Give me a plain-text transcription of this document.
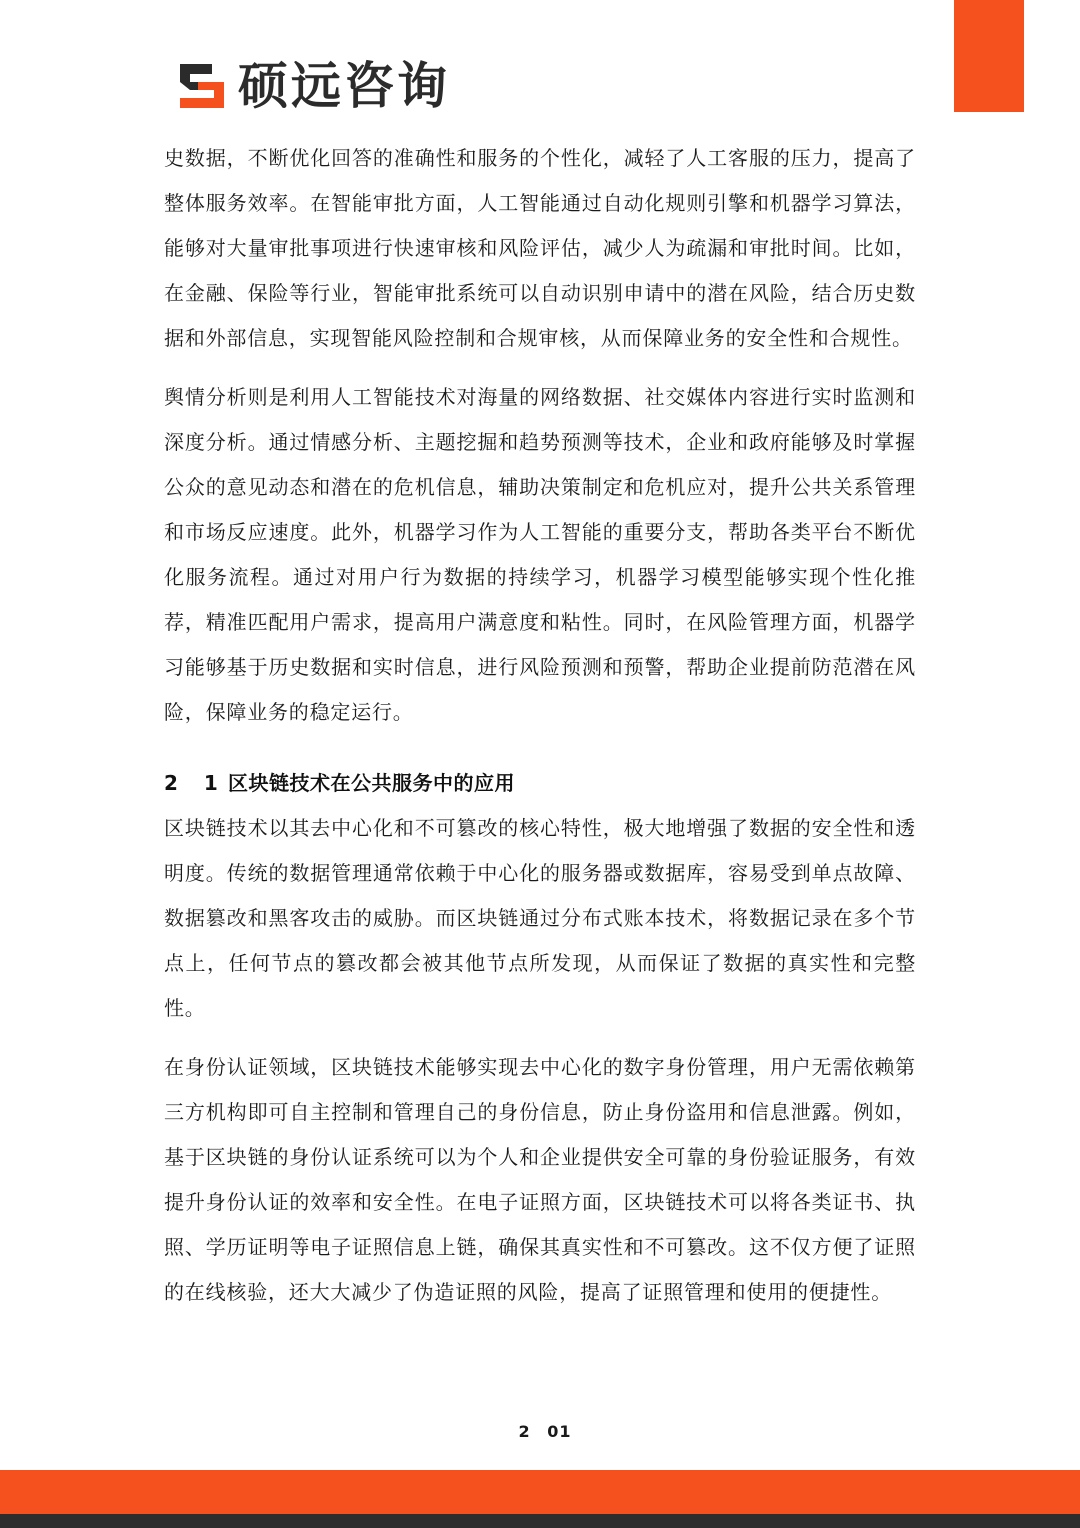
硕远咨询

史数据，不断优化回答的准确性和服务的个性化，减轻了人工客服的压力，提高了整体服务效率。在智能审批方面，人工智能通过自动化规则引擎和机器学习算法，能够对大量审批事项进行快速审核和风险评估，减少人为疏漏和审批时间。比如，在金融、保险等行业，智能审批系统可以自动识别申请中的潜在风险，结合历史数据和外部信息，实现智能风险控制和合规审核，从而保障业务的安全性和合规性。

舆情分析则是利用人工智能技术对海量的网络数据、社交媒体内容进行实时监测和深度分析。通过情感分析、主题挖掘和趋势预测等技术，企业和政府能够及时掌握公众的意见动态和潜在的危机信息，辅助决策制定和危机应对，提升公共关系管理和市场反应速度。此外，机器学习作为人工智能的重要分支，帮助各类平台不断优化服务流程。通过对用户行为数据的持续学习，机器学习模型能够实现个性化推荐，精准匹配用户需求，提高用户满意度和粘性。同时，在风险管理方面，机器学习能够基于历史数据和实时信息，进行风险预测和预警，帮助企业提前防范潜在风险，保障业务的稳定运行。

2 1 区块链技术在公共服务中的应用

区块链技术以其去中心化和不可篡改的核心特性，极大地增强了数据的安全性和透明度。传统的数据管理通常依赖于中心化的服务器或数据库，容易受到单点故障、数据篡改和黑客攻击的威胁。而区块链通过分布式账本技术，将数据记录在多个节点上，任何节点的篡改都会被其他节点所发现，从而保证了数据的真实性和完整性。

在身份认证领域，区块链技术能够实现去中心化的数字身份管理，用户无需依赖第三方机构即可自主控制和管理自己的身份信息，防止身份盗用和信息泄露。例如，基于区块链的身份认证系统可以为个人和企业提供安全可靠的身份验证服务，有效提升身份认证的效率和安全性。在电子证照方面，区块链技术可以将各类证书、执照、学历证明等电子证照信息上链，确保其真实性和不可篡改。这不仅方便了证照的在线核验，还大大减少了伪造证照的风险，提高了证照管理和使用的便捷性。

2 01
